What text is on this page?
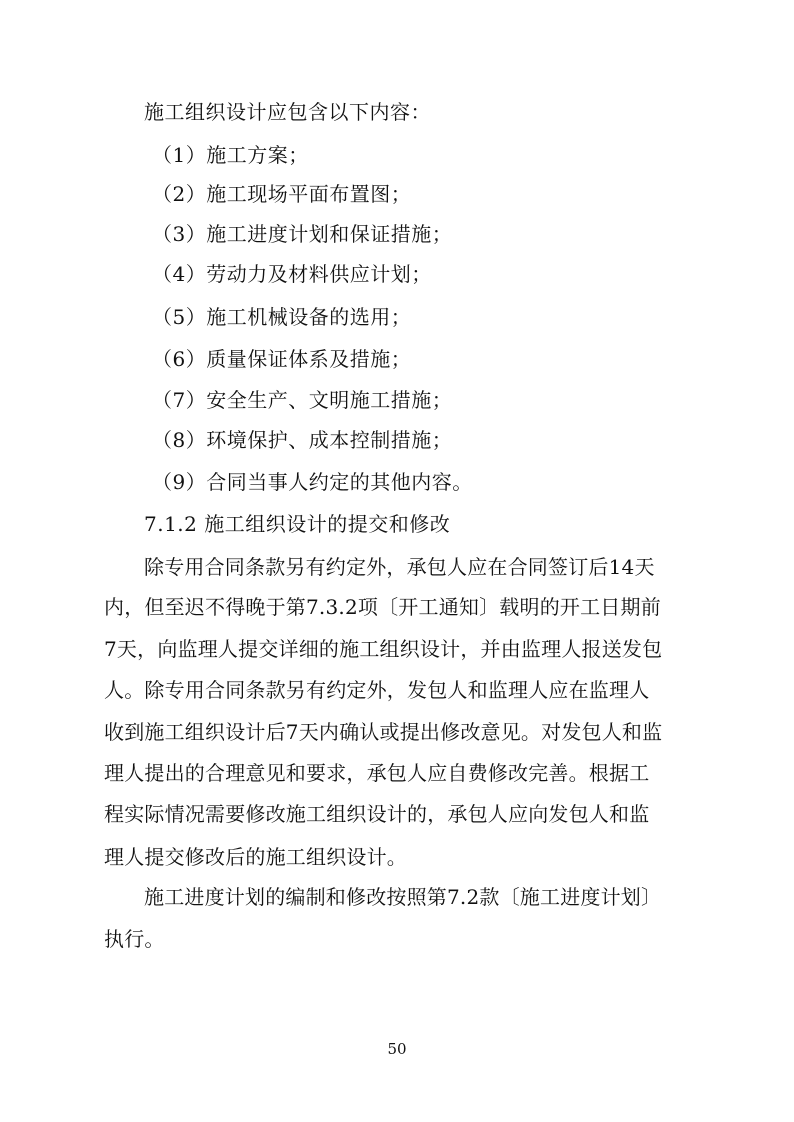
施工组织设计应包含以下内容：
（1）施工方案；
（2）施工现场平面布置图；
（3）施工进度计划和保证措施；
（4）劳动力及材料供应计划；
（5）施工机械设备的选用；
（6）质量保证体系及措施；
（7）安全生产、文明施工措施；
（8）环境保护、成本控制措施；
（9）合同当事人约定的其他内容。
7.1.2 施工组织设计的提交和修改
除专用合同条款另有约定外，承包人应在合同签订后14天
内，但至迟不得晚于第7.3.2项〔开工通知〕载明的开工日期前
7天，向监理人提交详细的施工组织设计，并由监理人报送发包
人。除专用合同条款另有约定外，发包人和监理人应在监理人
收到施工组织设计后7天内确认或提出修改意见。对发包人和监
理人提出的合理意见和要求，承包人应自费修改完善。根据工
程实际情况需要修改施工组织设计的，承包人应向发包人和监
理人提交修改后的施工组织设计。
施工进度计划的编制和修改按照第7.2款〔施工进度计划〕
执行。
50
